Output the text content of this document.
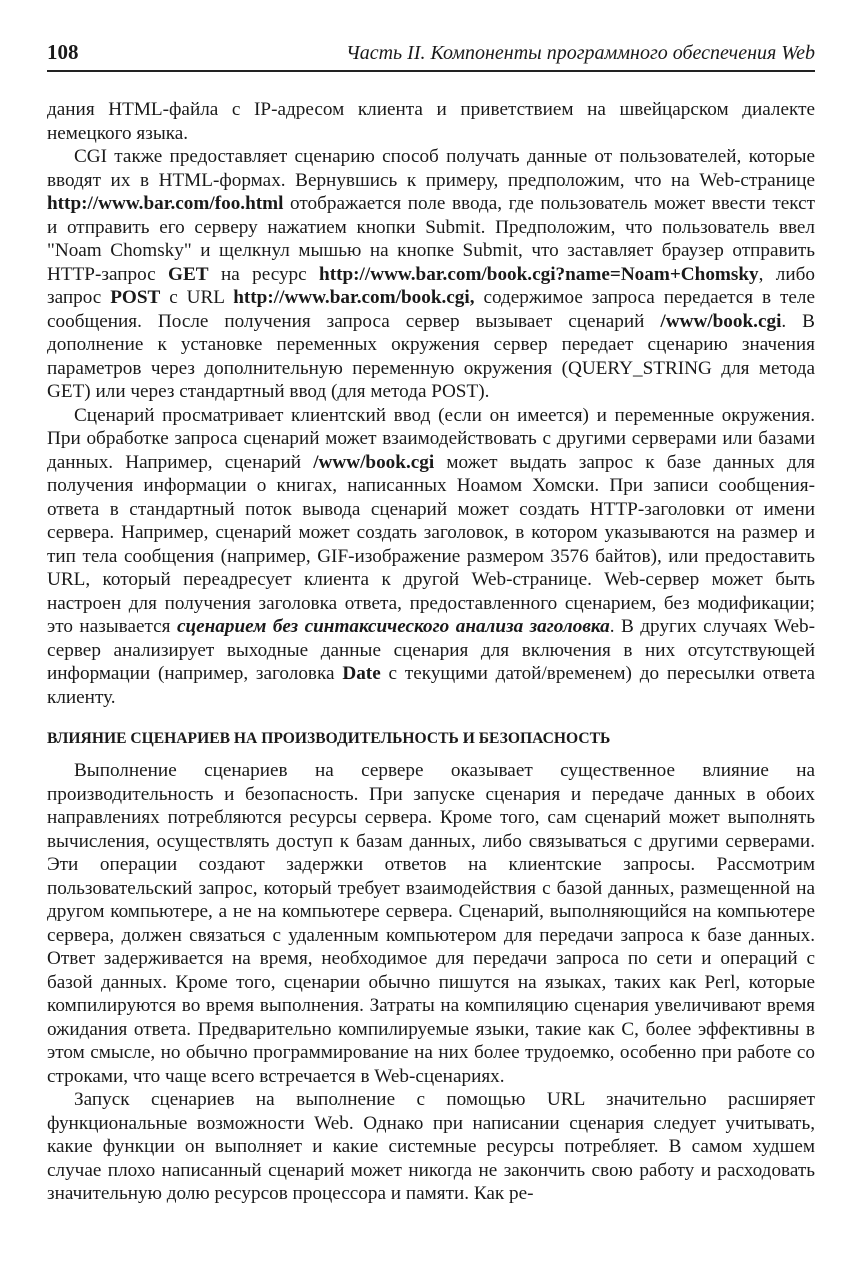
108	Часть II. Компоненты программного обеспечения Web

дания HTML-файла с IP-адресом клиента и приветствием на швейцарском диалекте немецкого языка.

CGI также предоставляет сценарию способ получать данные от пользователей, которые вводят их в HTML-формах. Вернувшись к примеру, предположим, что на Web-странице http://www.bar.com/foo.html отображается поле ввода, где пользователь может ввести текст и отправить его серверу нажатием кнопки Submit. Предположим, что пользователь ввел "Noam Chomsky" и щелкнул мышью на кнопке Submit, что заставляет браузер отправить HTTP-запрос GET на ресурс http://www.bar.com/book.cgi?name=Noam+Chomsky, либо запрос POST с URL http://www.bar.com/book.cgi, содержимое запроса передается в теле сообщения. После получения запроса сервер вызывает сценарий /www/book.cgi. В дополнение к установке переменных окружения сервер передает сценарию значения параметров через дополнительную переменную окружения (QUERY_STRING для метода GET) или через стандартный ввод (для метода POST).

Сценарий просматривает клиентский ввод (если он имеется) и переменные окружения. При обработке запроса сценарий может взаимодействовать с другими серверами или базами данных. Например, сценарий /www/book.cgi может выдать запрос к базе данных для получения информации о книгах, написанных Ноамом Хомски. При записи сообщения-ответа в стандартный поток вывода сценарий может создать HTTP-заголовки от имени сервера. Например, сценарий может создать заголовок, в котором указываются на размер и тип тела сообщения (например, GIF-изображение размером 3576 байтов), или предоставить URL, который переадресует клиента к другой Web-странице. Web-сервер может быть настроен для получения заголовка ответа, предоставленного сценарием, без модификации; это называется сценарием без синтаксического анализа заголовка. В других случаях Web-сервер анализирует выходные данные сценария для включения в них отсутствующей информации (например, заголовка Date с текущими датой/временем) до пересылки ответа клиенту.

ВЛИЯНИЕ СЦЕНАРИЕВ НА ПРОИЗВОДИТЕЛЬНОСТЬ И БЕЗОПАСНОСТЬ

Выполнение сценариев на сервере оказывает существенное влияние на производительность и безопасность. При запуске сценария и передаче данных в обоих направлениях потребляются ресурсы сервера. Кроме того, сам сценарий может выполнять вычисления, осуществлять доступ к базам данных, либо связываться с другими серверами. Эти операции создают задержки ответов на клиентские запросы. Рассмотрим пользовательский запрос, который требует взаимодействия с базой данных, размещенной на другом компьютере, а не на компьютере сервера. Сценарий, выполняющийся на компьютере сервера, должен связаться с удаленным компьютером для передачи запроса к базе данных. Ответ задерживается на время, необходимое для передачи запроса по сети и операций с базой данных. Кроме того, сценарии обычно пишутся на языках, таких как Perl, которые компилируются во время выполнения. Затраты на компиляцию сценария увеличивают время ожидания ответа. Предварительно компилируемые языки, такие как С, более эффективны в этом смысле, но обычно программирование на них более трудоемко, особенно при работе со строками, что чаще всего встречается в Web-сценариях.

Запуск сценариев на выполнение с помощью URL значительно расширяет функциональные возможности Web. Однако при написании сценария следует учитывать, какие функции он выполняет и какие системные ресурсы потребляет. В самом худшем случае плохо написанный сценарий может никогда не закончить свою работу и расходовать значительную долю ресурсов процессора и памяти. Как ре-
